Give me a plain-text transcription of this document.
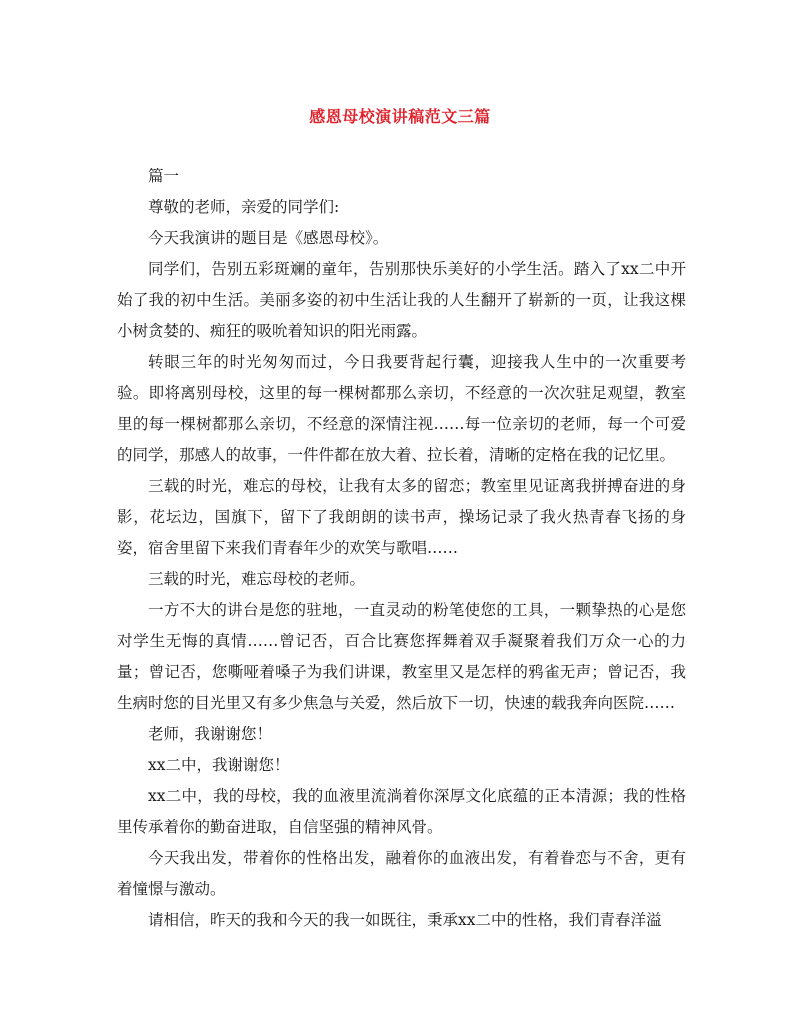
感恩母校演讲稿范文三篇

篇一

尊敬的老师，亲爱的同学们:

今天我演讲的题目是《感恩母校》。

同学们，告别五彩斑斓的童年，告别那快乐美好的小学生活。踏入了xx二中开始了我的初中生活。美丽多姿的初中生活让我的人生翻开了崭新的一页，让我这棵小树贪婪的、痴狂的吸吮着知识的阳光雨露。

转眼三年的时光匆匆而过，今日我要背起行囊，迎接我人生中的一次重要考验。即将离别母校，这里的每一棵树都那么亲切，不经意的一次次驻足观望，教室里的每一棵树都那么亲切，不经意的深情注视……每一位亲切的老师，每一个可爱的同学，那感人的故事，一件件都在放大着、拉长着，清晰的定格在我的记忆里。

三载的时光，难忘的母校，让我有太多的留恋；教室里见证离我拼搏奋进的身影，花坛边，国旗下，留下了我朗朗的读书声，操场记录了我火热青春飞扬的身姿，宿舍里留下来我们青春年少的欢笑与歌唱……

三载的时光，难忘母校的老师。

一方不大的讲台是您的驻地，一直灵动的粉笔使您的工具，一颗挚热的心是您对学生无悔的真情……曾记否，百合比赛您挥舞着双手凝聚着我们万众一心的力量；曾记否，您嘶哑着嗓子为我们讲课，教室里又是怎样的鸦雀无声；曾记否，我生病时您的目光里又有多少焦急与关爱，然后放下一切，快速的载我奔向医院……

老师，我谢谢您！

xx二中，我谢谢您！

xx二中，我的母校，我的血液里流淌着你深厚文化底蕴的正本清源；我的性格里传承着你的勤奋进取，自信坚强的精神风骨。

今天我出发，带着你的性格出发，融着你的血液出发，有着眷恋与不舍，更有着憧憬与激动。

请相信，昨天的我和今天的我一如既往，秉承xx二中的性格，我们青春洋溢
